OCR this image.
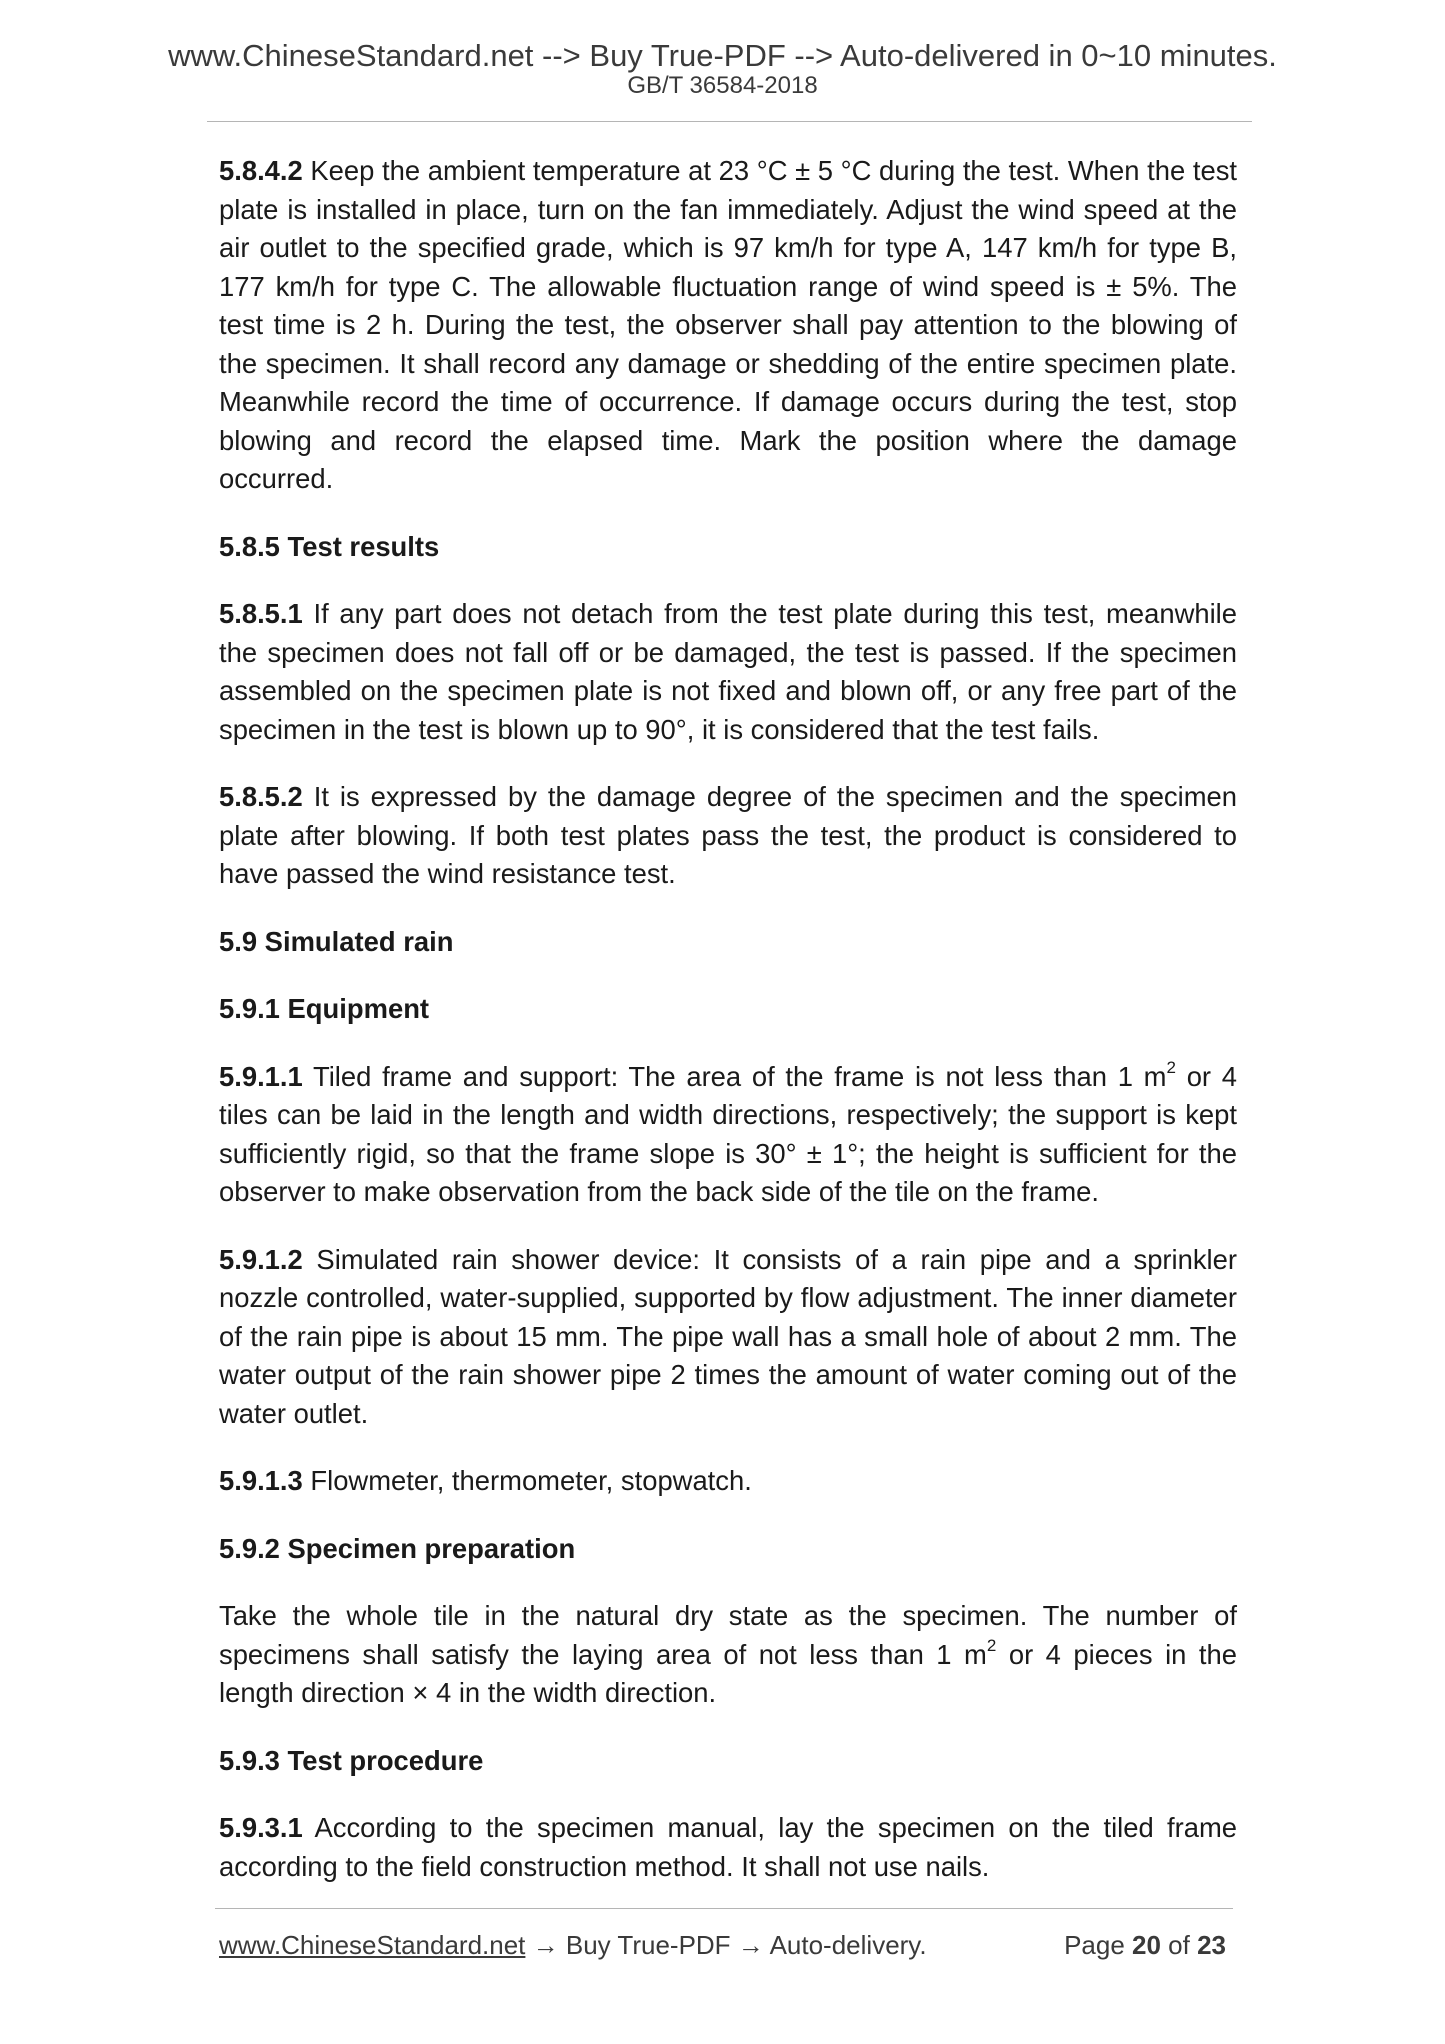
www.ChineseStandard.net --> Buy True-PDF --> Auto-delivered in 0~10 minutes.
GB/T 36584-2018

5.8.4.2 Keep the ambient temperature at 23 °C ± 5 °C during the test. When the test plate is installed in place, turn on the fan immediately. Adjust the wind speed at the air outlet to the specified grade, which is 97 km/h for type A, 147 km/h for type B, 177 km/h for type C. The allowable fluctuation range of wind speed is ± 5%. The test time is 2 h. During the test, the observer shall pay attention to the blowing of the specimen. It shall record any damage or shedding of the entire specimen plate. Meanwhile record the time of occurrence. If damage occurs during the test, stop blowing and record the elapsed time. Mark the position where the damage occurred.

5.8.5 Test results

5.8.5.1 If any part does not detach from the test plate during this test, meanwhile the specimen does not fall off or be damaged, the test is passed. If the specimen assembled on the specimen plate is not fixed and blown off, or any free part of the specimen in the test is blown up to 90°, it is considered that the test fails.

5.8.5.2 It is expressed by the damage degree of the specimen and the specimen plate after blowing. If both test plates pass the test, the product is considered to have passed the wind resistance test.

5.9 Simulated rain
5.9.1 Equipment

5.9.1.1 Tiled frame and support: The area of the frame is not less than 1 $m^2$ or 4 tiles can be laid in the length and width directions, respectively; the support is kept sufficiently rigid, so that the frame slope is 30° ± 1°; the height is sufficient for the observer to make observation from the back side of the tile on the frame.

5.9.1.2 Simulated rain shower device: It consists of a rain pipe and a sprinkler nozzle controlled, water-supplied, supported by flow adjustment. The inner diameter of the rain pipe is about 15 mm. The pipe wall has a small hole of about 2 mm. The water output of the rain shower pipe 2 times the amount of water coming out of the water outlet.

5.9.1.3 Flowmeter, thermometer, stopwatch.

5.9.2 Specimen preparation

Take the whole tile in the natural dry state as the specimen. The number of specimens shall satisfy the laying area of not less than 1 $m^2$ or 4 pieces in the length direction × 4 in the width direction.

5.9.3 Test procedure

5.9.3.1 According to the specimen manual, lay the specimen on the tiled frame according to the field construction method. It shall not use nails.

www.ChineseStandard.net → Buy True-PDF → Auto-delivery.	Page 20 of 23
